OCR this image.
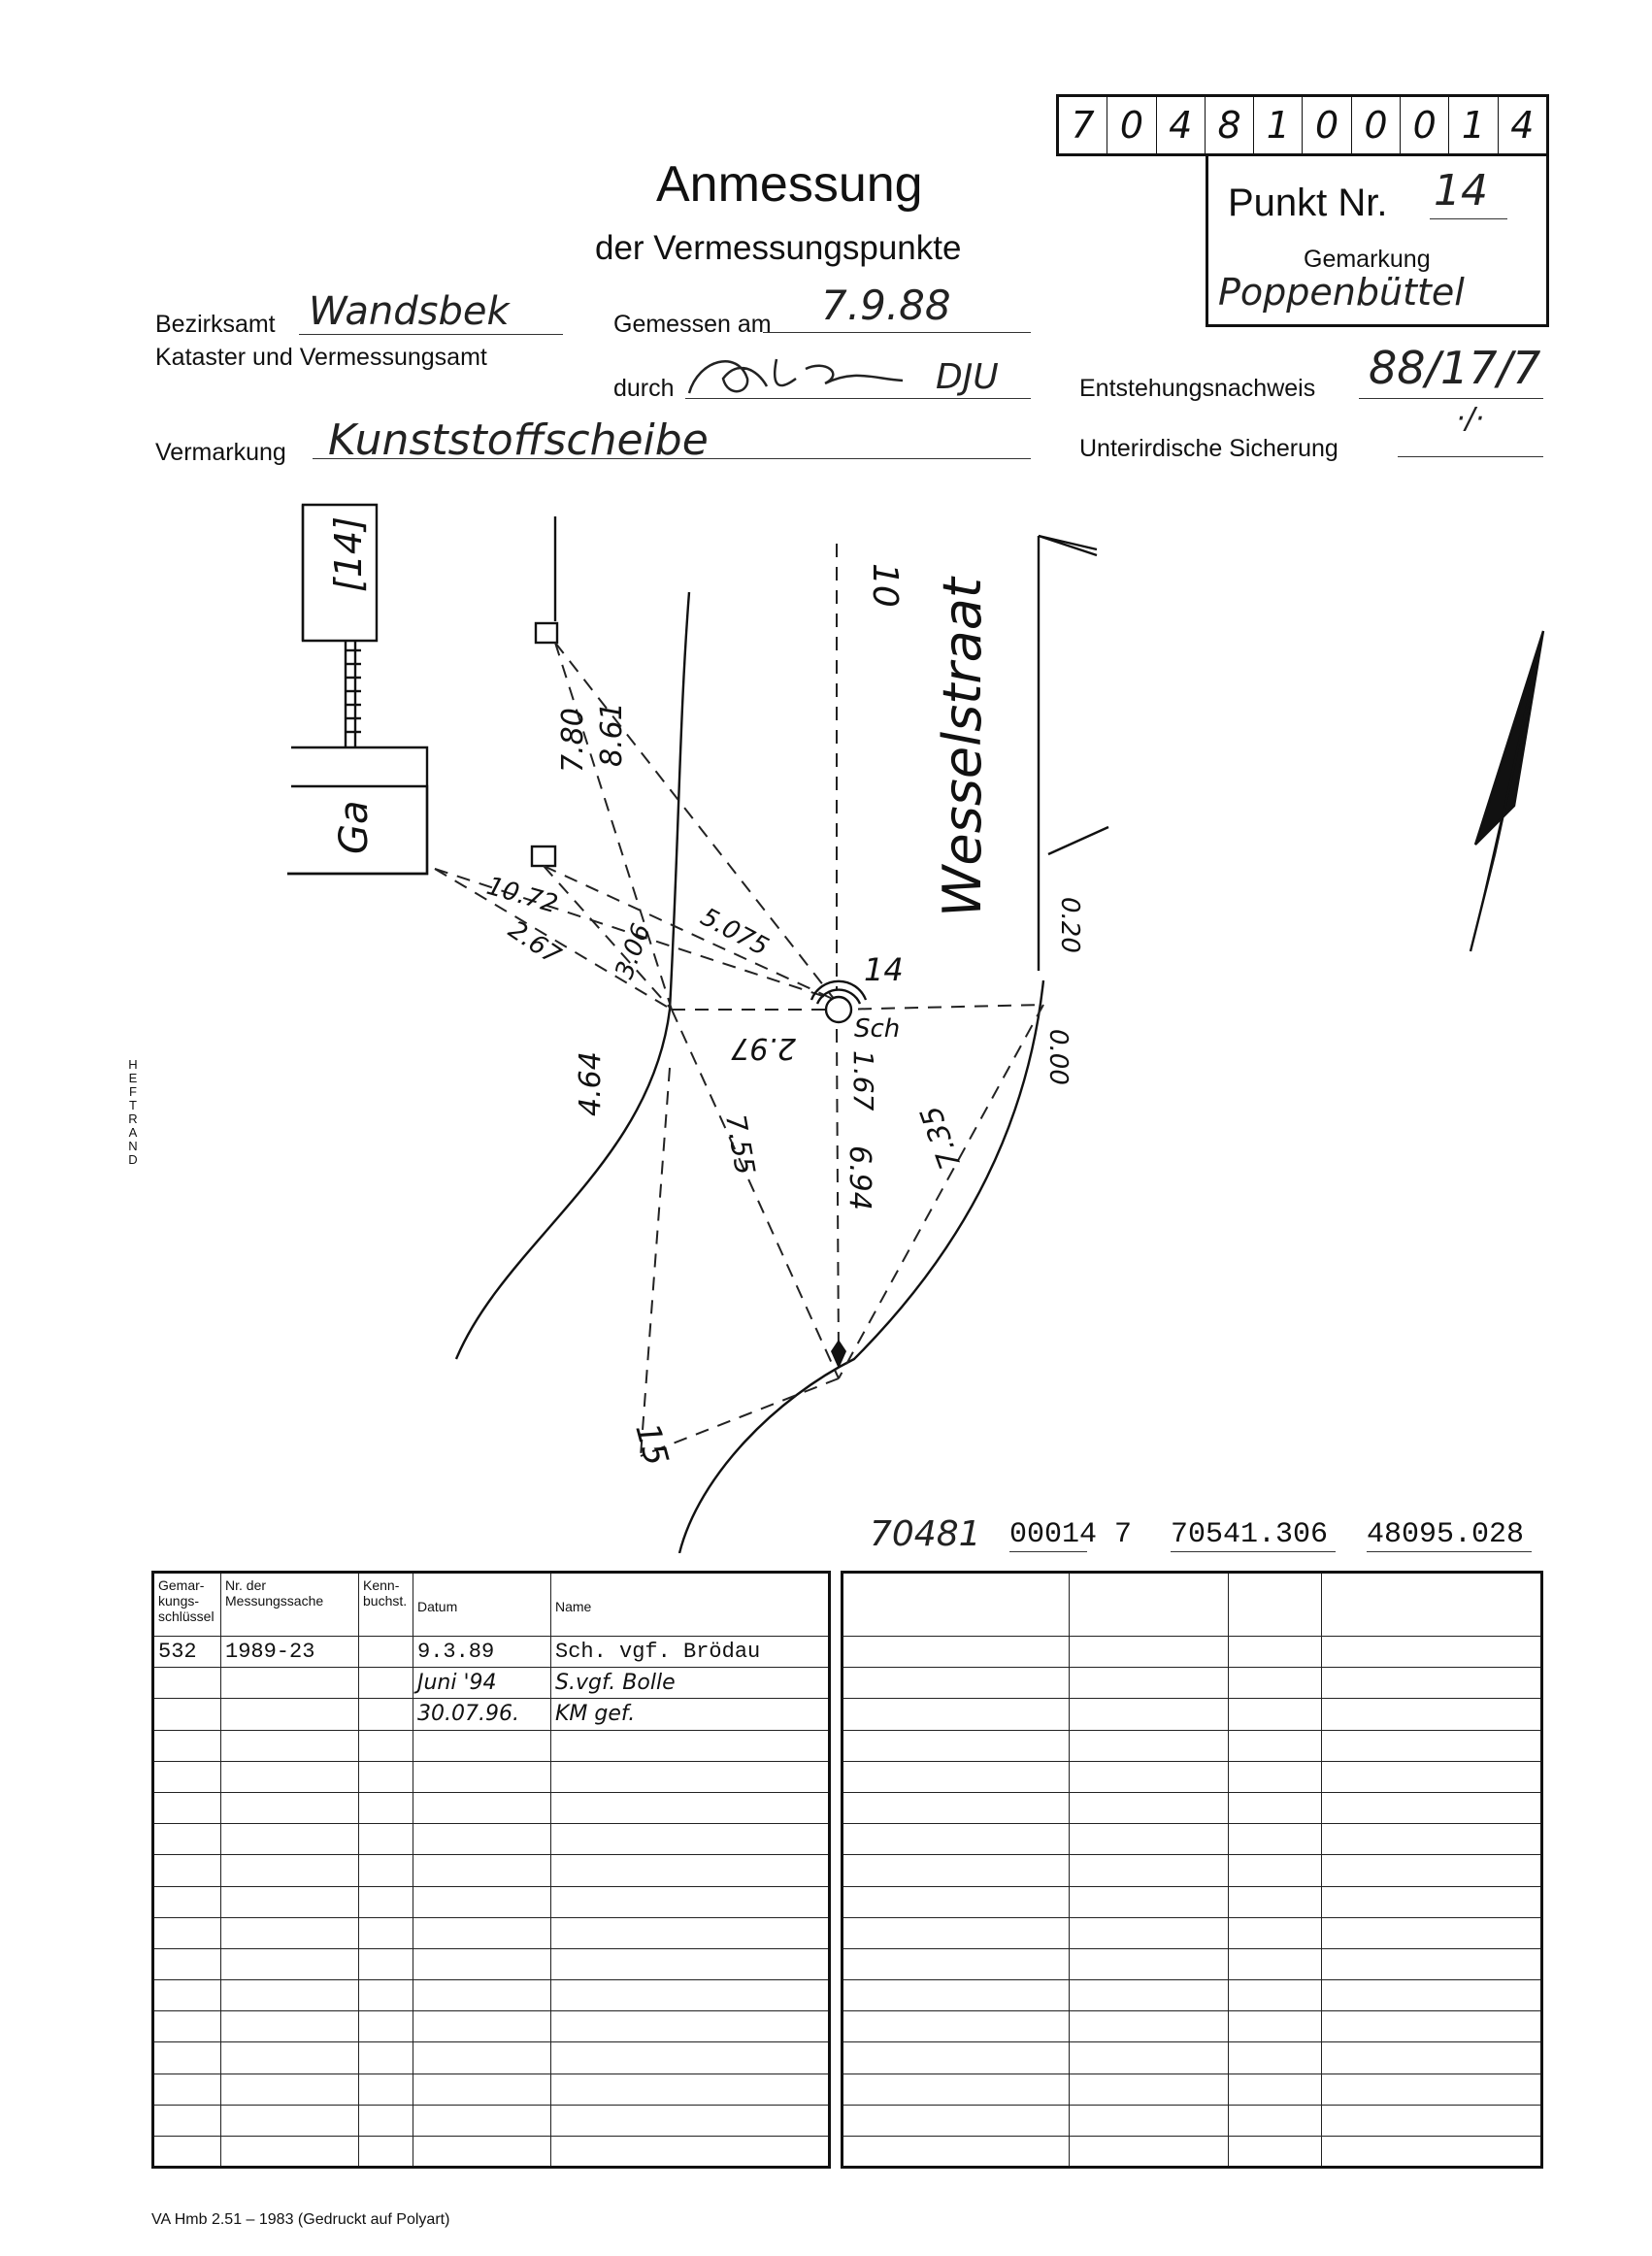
7 0 4 8 1 0 0 0 1 4
Punkt Nr. 14
Gemarkung
Poppenbüttel
Anmessung
der Vermessungspunkte
Bezirksamt Wandsbek
Kataster und Vermessungsamt
Gemessen am 7.9.88
durch	DJU	Entstehungsnachweis 88/17/7
Vermarkung Kunststoffscheibe	Unterirdische Sicherung
·/·
HEFTRAND
[14]
Ga
10
15
Wesselstraat
14
Sch
7.80 8.61
10.72
5.075
3.06
2.67
2.97
4.64
7.55
1.67
6.94
7.35
0.20
0.00
70481 00014 7 70541.306 48095.028
Gemar-kungs-schlüssel	Nr. der Messungssache	Kenn-buchst.	Datum	Name

532	1989-23		9.3.89	Sch. vgf. Brödau
			Juni '94	S.vgf. Bolle
			30.07.96.	KM gef.

VA Hmb 2.51 – 1983 (Gedruckt auf Polyart)
